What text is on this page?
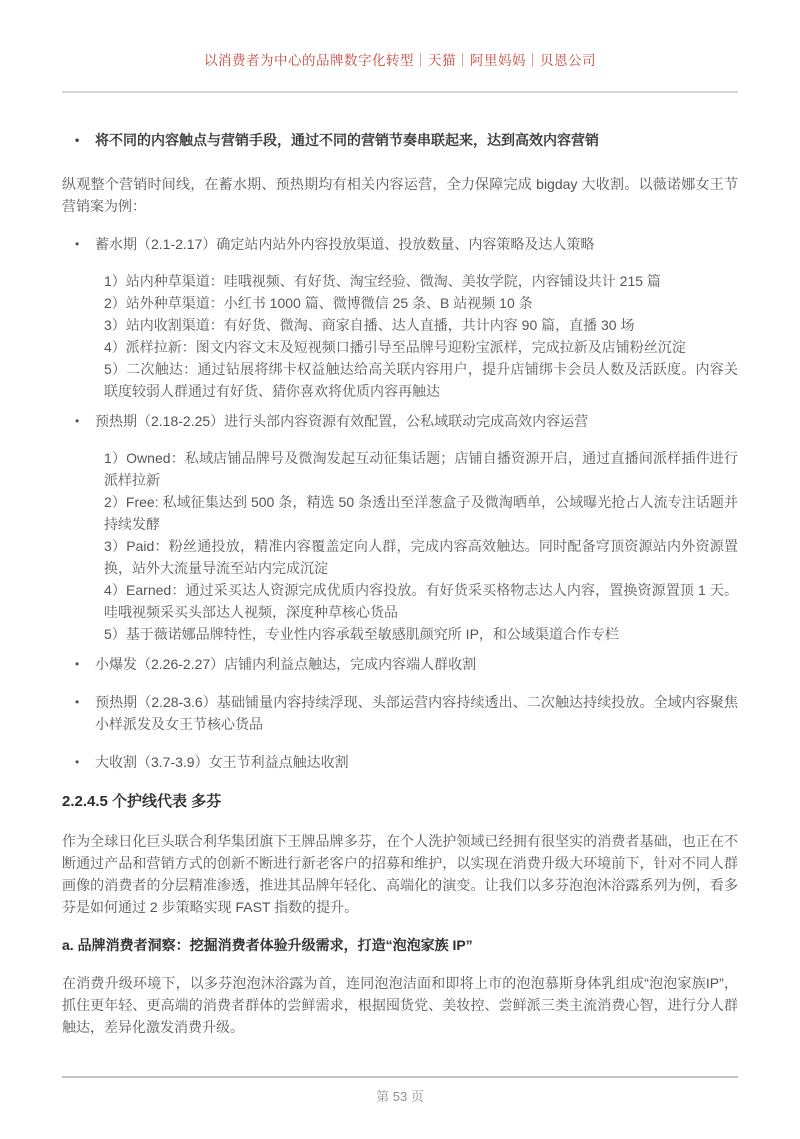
以消费者为中心的品牌数字化转型｜天猫｜阿里妈妈｜贝恩公司
•	将不同的内容触点与营销手段，通过不同的营销节奏串联起来，达到高效内容营销

纵观整个营销时间线，在蓄水期、预热期均有相关内容运营，全力保障完成 bigday 大收割。以薇诺娜女王节营销案为例：

•	蓄水期（2.1-2.17）确定站内站外内容投放渠道、投放数量、内容策略及达人策略

1）站内种草渠道：哇哦视频、有好货、淘宝经验、微淘、美妆学院，内容铺设共计 215 篇

2）站外种草渠道：小红书 1000 篇、微博微信 25 条、B 站视频 10 条

3）站内收割渠道：有好货、微淘、商家自播、达人直播，共计内容 90 篇，直播 30 场

4）派样拉新：图文内容文末及短视频口播引导至品牌号迎粉宝派样，完成拉新及店铺粉丝沉淀

5）二次触达：通过钻展将绑卡权益触达给高关联内容用户，提升店铺绑卡会员人数及活跃度。内容关联度较弱人群通过有好货、猜你喜欢将优质内容再触达

•	预热期（2.18-2.25）进行头部内容资源有效配置，公私域联动完成高效内容运营

1）Owned：私域店铺品牌号及微淘发起互动征集话题；店铺自播资源开启，通过直播间派样插件进行派样拉新

2）Free: 私域征集达到 500 条，精选 50 条透出至洋葱盒子及微淘晒单，公域曝光抢占人流专注话题并持续发酵

3）Paid：粉丝通投放，精准内容覆盖定向人群，完成内容高效触达。同时配备穹顶资源站内外资源置换，站外大流量导流至站内完成沉淀

4）Earned：通过采买达人资源完成优质内容投放。有好货采买格物志达人内容，置换资源置顶 1 天。哇哦视频采买头部达人视频，深度种草核心货品

5）基于薇诺娜品牌特性，专业性内容承载至敏感肌颜究所 IP，和公域渠道合作专栏

•	小爆发（2.26-2.27）店铺内利益点触达，完成内容端人群收割
•	预热期（2.28-3.6）基础铺量内容持续浮现、头部运营内容持续透出、二次触达持续投放。全域内容聚焦小样派发及女王节核心货品
•	大收割（3.7-3.9）女王节利益点触达收割
2.2.4.5 个护线代表 多芬

作为全球日化巨头联合利华集团旗下王牌品牌多芬，在个人洗护领域已经拥有很坚实的消费者基础，也正在不断通过产品和营销方式的创新不断进行新老客户的招募和维护，以实现在消费升级大环境前下，针对不同人群画像的消费者的分层精准渗透，推进其品牌年轻化、高端化的演变。让我们以多芬泡泡沐浴露系列为例，看多芬是如何通过 2 步策略实现 FAST 指数的提升。

a. 品牌消费者洞察：挖掘消费者体验升级需求，打造“泡泡家族 IP”

在消费升级环境下，以多芬泡泡沐浴露为首，连同泡泡洁面和即将上市的泡泡慕斯身体乳组成“泡泡家族IP”，抓住更年轻、更高端的消费者群体的尝鲜需求，根据囤货党、美妆控、尝鲜派三类主流消费心智，进行分人群触达，差异化激发消费升级。

第 53 页
